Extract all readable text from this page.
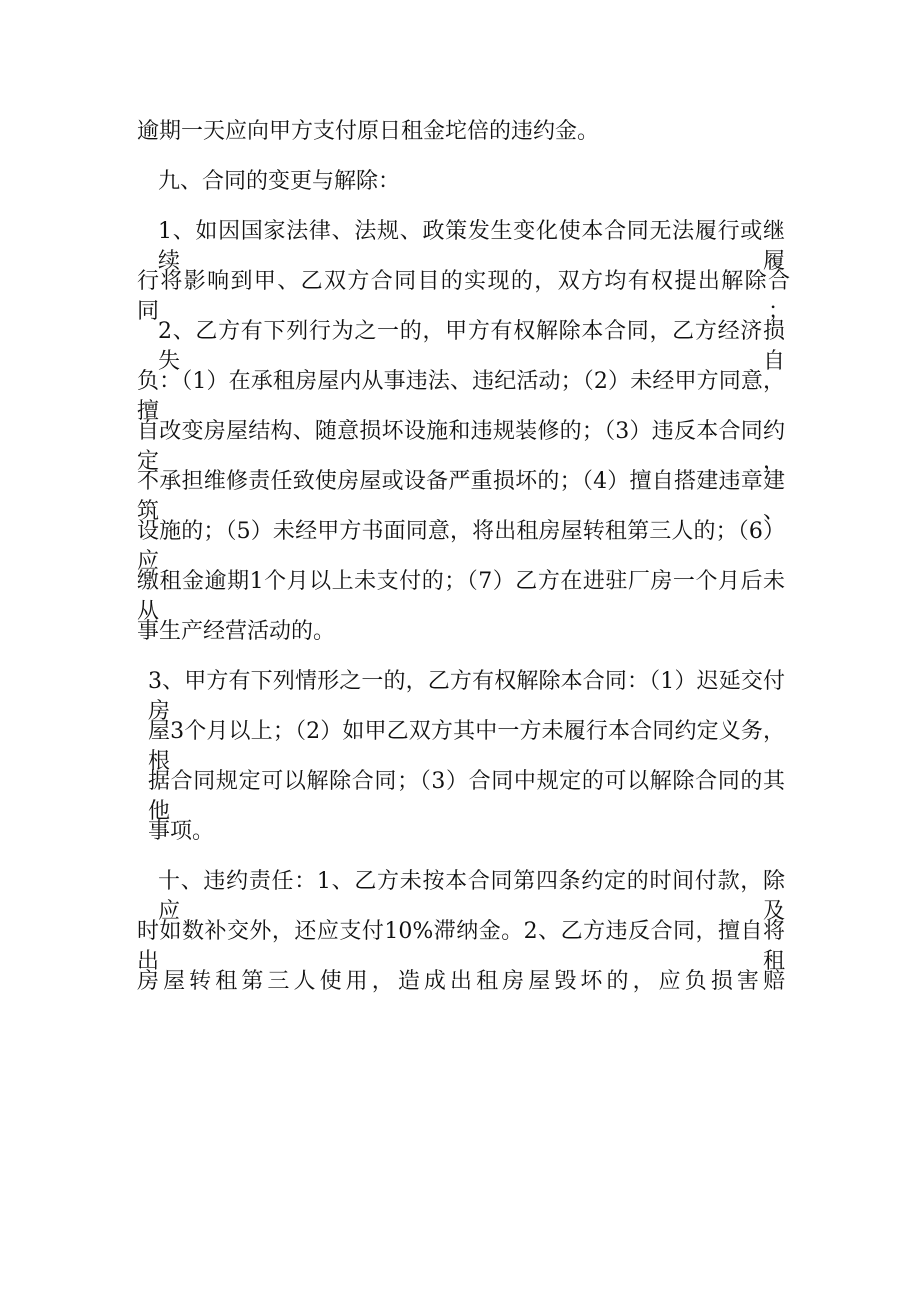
逾期一天应向甲方支付原日租金坨倍的违约金。
九、合同的变更与解除：
1、如因国家法律、法规、政策发生变化使本合同无法履行或继续履
行将影响到甲、乙双方合同目的实现的，双方均有权提出解除合同；
2、乙方有下列行为之一的，甲方有权解除本合同，乙方经济损失自
负：（1）在承租房屋内从事违法、违纪活动；（2）未经甲方同意，擅
自改变房屋结构、随意损坏设施和违规装修的；（3）违反本合同约定，
不承担维修责任致使房屋或设备严重损坏的；（4）擅自搭建违章建筑、
设施的；（5）未经甲方书面同意，将出租房屋转租第三人的；（6）应
缴租金逾期1个月以上未支付的；（7）乙方在进驻厂房一个月后未从
事生产经营活动的。
3、甲方有下列情形之一的，乙方有权解除本合同：（1）迟延交付房
屋3个月以上；（2）如甲乙双方其中一方未履行本合同约定义务，根
据合同规定可以解除合同；（3）合同中规定的可以解除合同的其他
事项。
十、违约责任：1、乙方未按本合同第四条约定的时间付款，除应及
时如数补交外，还应支付10%滞纳金。2、乙方违反合同，擅自将出租
房屋转租第三人使用，造成出租房屋毁坏的，应负损害赔
